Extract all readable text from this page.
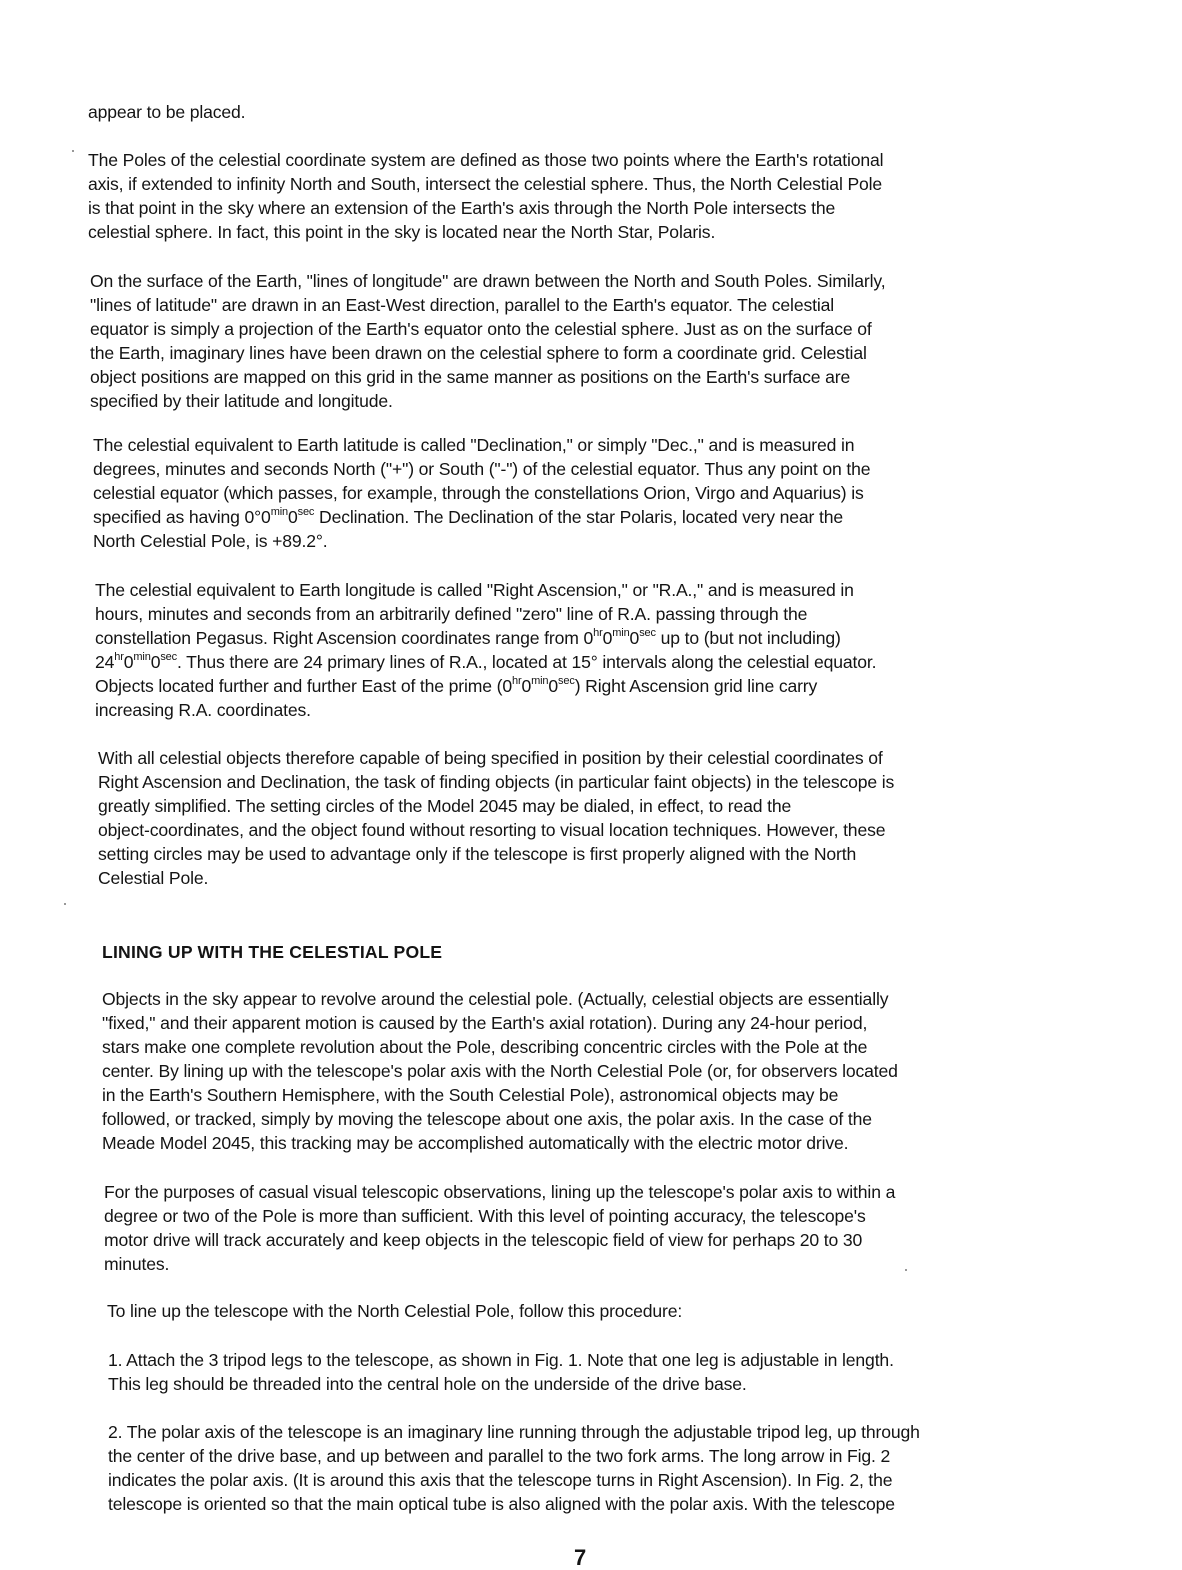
appear to be placed.

The Poles of the celestial coordinate system are defined as those two points where the Earth's rotational
axis, if extended to infinity North and South, intersect the celestial sphere. Thus, the North Celestial Pole
is that point in the sky where an extension of the Earth's axis through the North Pole intersects the
celestial sphere. In fact, this point in the sky is located near the North Star, Polaris.

On the surface of the Earth, "lines of longitude" are drawn between the North and South Poles. Similarly,
"lines of latitude" are drawn in an East-West direction, parallel to the Earth's equator. The celestial
equator is simply a projection of the Earth's equator onto the celestial sphere. Just as on the surface of
the Earth, imaginary lines have been drawn on the celestial sphere to form a coordinate grid. Celestial
object positions are mapped on this grid in the same manner as positions on the Earth's surface are
specified by their latitude and longitude.

The celestial equivalent to Earth latitude is called "Declination," or simply "Dec.," and is measured in
degrees, minutes and seconds North ("+") or South ("-") of the celestial equator. Thus any point on the
celestial equator (which passes, for example, through the constellations Orion, Virgo and Aquarius) is
specified as having $0^\circ 0^{min}0^{sec}$ Declination. The Declination of the star Polaris, located very near the
North Celestial Pole, is +89.2°.

The celestial equivalent to Earth longitude is called "Right Ascension," or "R.A.," and is measured in
hours, minutes and seconds from an arbitrarily defined "zero" line of R.A. passing through the
constellation Pegasus. Right Ascension coordinates range from $0^{hr}0^{min}0^{sec}$ up to (but not including)
$24^{hr}0^{min}0^{sec}$. Thus there are 24 primary lines of R.A., located at 15° intervals along the celestial equator.
Objects located further and further East of the prime $(0^{hr}0^{min}0^{sec})$ Right Ascension grid line carry
increasing R.A. coordinates.

With all celestial objects therefore capable of being specified in position by their celestial coordinates of
Right Ascension and Declination, the task of finding objects (in particular faint objects) in the telescope is
greatly simplified. The setting circles of the Model 2045 may be dialed, in effect, to read the
object-coordinates, and the object found without resorting to visual location techniques. However, these
setting circles may be used to advantage only if the telescope is first properly aligned with the North
Celestial Pole.

LINING UP WITH THE CELESTIAL POLE

Objects in the sky appear to revolve around the celestial pole. (Actually, celestial objects are essentially
"fixed," and their apparent motion is caused by the Earth's axial rotation). During any 24-hour period,
stars make one complete revolution about the Pole, describing concentric circles with the Pole at the
center. By lining up with the telescope's polar axis with the North Celestial Pole (or, for observers located
in the Earth's Southern Hemisphere, with the South Celestial Pole), astronomical objects may be
followed, or tracked, simply by moving the telescope about one axis, the polar axis. In the case of the
Meade Model 2045, this tracking may be accomplished automatically with the electric motor drive.

For the purposes of casual visual telescopic observations, lining up the telescope's polar axis to within a
degree or two of the Pole is more than sufficient. With this level of pointing accuracy, the telescope's
motor drive will track accurately and keep objects in the telescopic field of view for perhaps 20 to 30
minutes.

To line up the telescope with the North Celestial Pole, follow this procedure:

1. Attach the 3 tripod legs to the telescope, as shown in Fig. 1. Note that one leg is adjustable in length.
This leg should be threaded into the central hole on the underside of the drive base.

2. The polar axis of the telescope is an imaginary line running through the adjustable tripod leg, up through
the center of the drive base, and up between and parallel to the two fork arms. The long arrow in Fig. 2
indicates the polar axis. (It is around this axis that the telescope turns in Right Ascension). In Fig. 2, the
telescope is oriented so that the main optical tube is also aligned with the polar axis. With the telescope

7
